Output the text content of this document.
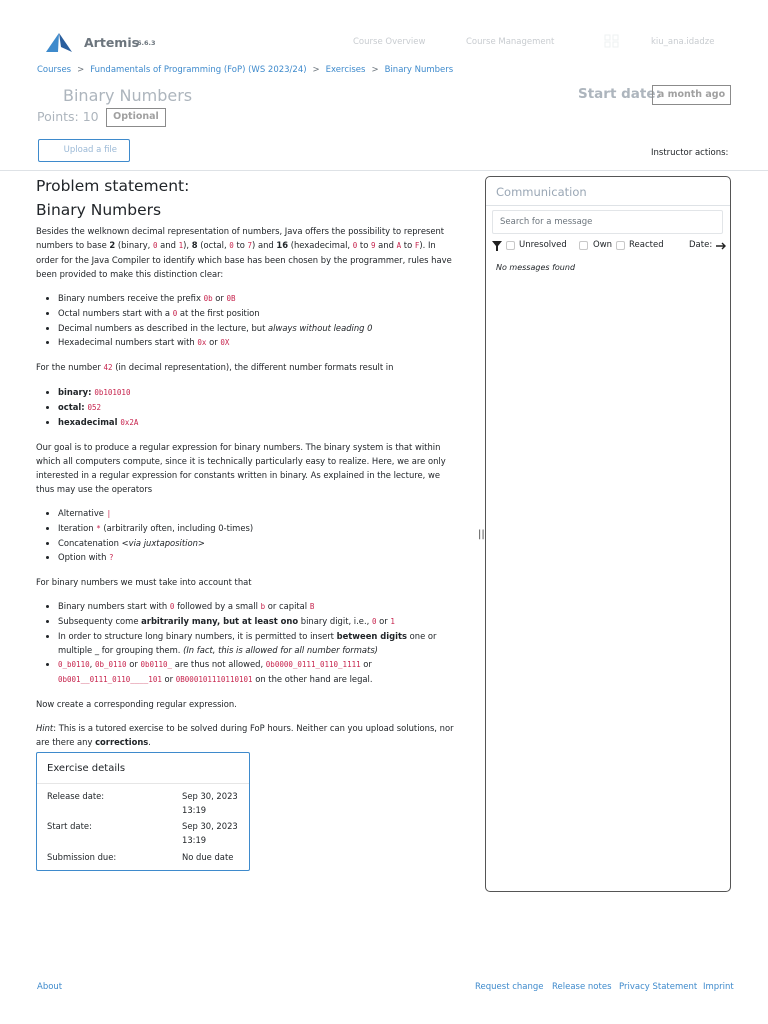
Artemis
6.6.3	Course Overview	Course Management	kiu_ana.idadze
Courses > Fundamentals of Programming (FoP) (WS 2023/24) > Exercises > Binary Numbers
Binary Numbers
Points: 10	Optional
Start date:
a month ago
Upload a file	Instructor actions:
Problem statement:
Binary Numbers

Besides the welknown decimal representation of numbers, Java offers the possibility to represent numbers to base 2 (binary, 0 and 1), 8 (octal, 0 to 7) and 16 (hexadecimal, 0 to 9 and A to F). In order for the Java Compiler to identify which base has been chosen by the programmer, rules have been provided to make this distinction clear:

• Binary numbers receive the prefix 0b or 0B
• Octal numbers start with a 0 at the first position
• Decimal numbers as described in the lecture, but always without leading 0
• Hexadecimal numbers start with 0x or 0X

For the number 42 (in decimal representation), the different number formats result in

• binary: 0b101010
• octal: 052
• hexadecimal 0x2A

Our goal is to produce a regular expression for binary numbers. The binary system is that within which all computers compute, since it is technically particularly easy to realize. Here, we are only interested in a regular expression for constants written in binary. As explained in the lecture, we thus may use the operators

• Alternative |
• Iteration * (arbitrarily often, including 0-times)
• Concatenation <via juxtaposition>
• Option with ?

For binary numbers we must take into account that

• Binary numbers start with 0 followed by a small b or capital B
• Subsequenty come arbitrarily many, but at least ono binary digit, i.e., 0 or 1
• In order to structure long binary numbers, it is permitted to insert between digits one or multiple _ for grouping them. (In fact, this is allowed for all number formats)
• 0_b0110, 0b_0110 or 0b0110_ are thus not allowed, 0b0000_0111_0110_1111 or 0b001__0111_0110____101 or 0B000101110110101 on the other hand are legal.

Now create a corresponding regular expression.

Hint: This is a tutored exercise to be solved during FoP hours. Neither can you upload solutions, nor are there any corrections.

Exercise details
Release date:	Sep 30, 2023 13:19
Start date:	Sep 30, 2023 13:19
Submission due:	No due date
||
Communication
Search for a message
Unresolved	Own Reacted	Date:
No messages found
About	Request change Release notes Privacy Statement Imprint
